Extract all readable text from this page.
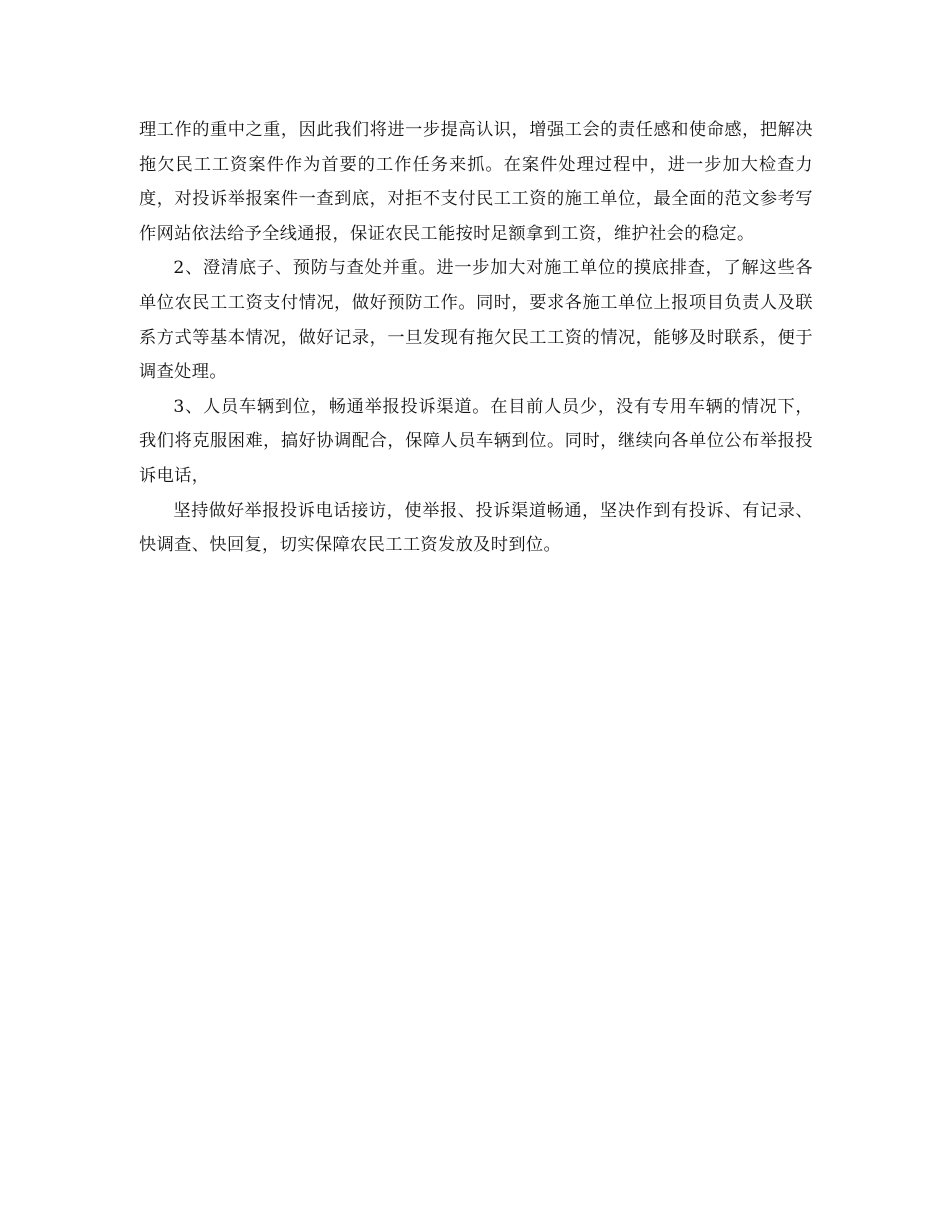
理工作的重中之重，因此我们将进一步提高认识，增强工会的责任感和使命感，把解决拖欠民工工资案件作为首要的工作任务来抓。在案件处理过程中，进一步加大检查力度，对投诉举报案件一查到底，对拒不支付民工工资的施工单位，最全面的范文参考写作网站依法给予全线通报，保证农民工能按时足额拿到工资，维护社会的稳定。

2、澄清底子、预防与查处并重。进一步加大对施工单位的摸底排查，了解这些各单位农民工工资支付情况，做好预防工作。同时，要求各施工单位上报项目负责人及联系方式等基本情况，做好记录，一旦发现有拖欠民工工资的情况，能够及时联系，便于调查处理。

3、人员车辆到位，畅通举报投诉渠道。在目前人员少，没有专用车辆的情况下，我们将克服困难，搞好协调配合，保障人员车辆到位。同时，继续向各单位公布举报投诉电话，

坚持做好举报投诉电话接访，使举报、投诉渠道畅通，坚决作到有投诉、有记录、快调查、快回复，切实保障农民工工资发放及时到位。
